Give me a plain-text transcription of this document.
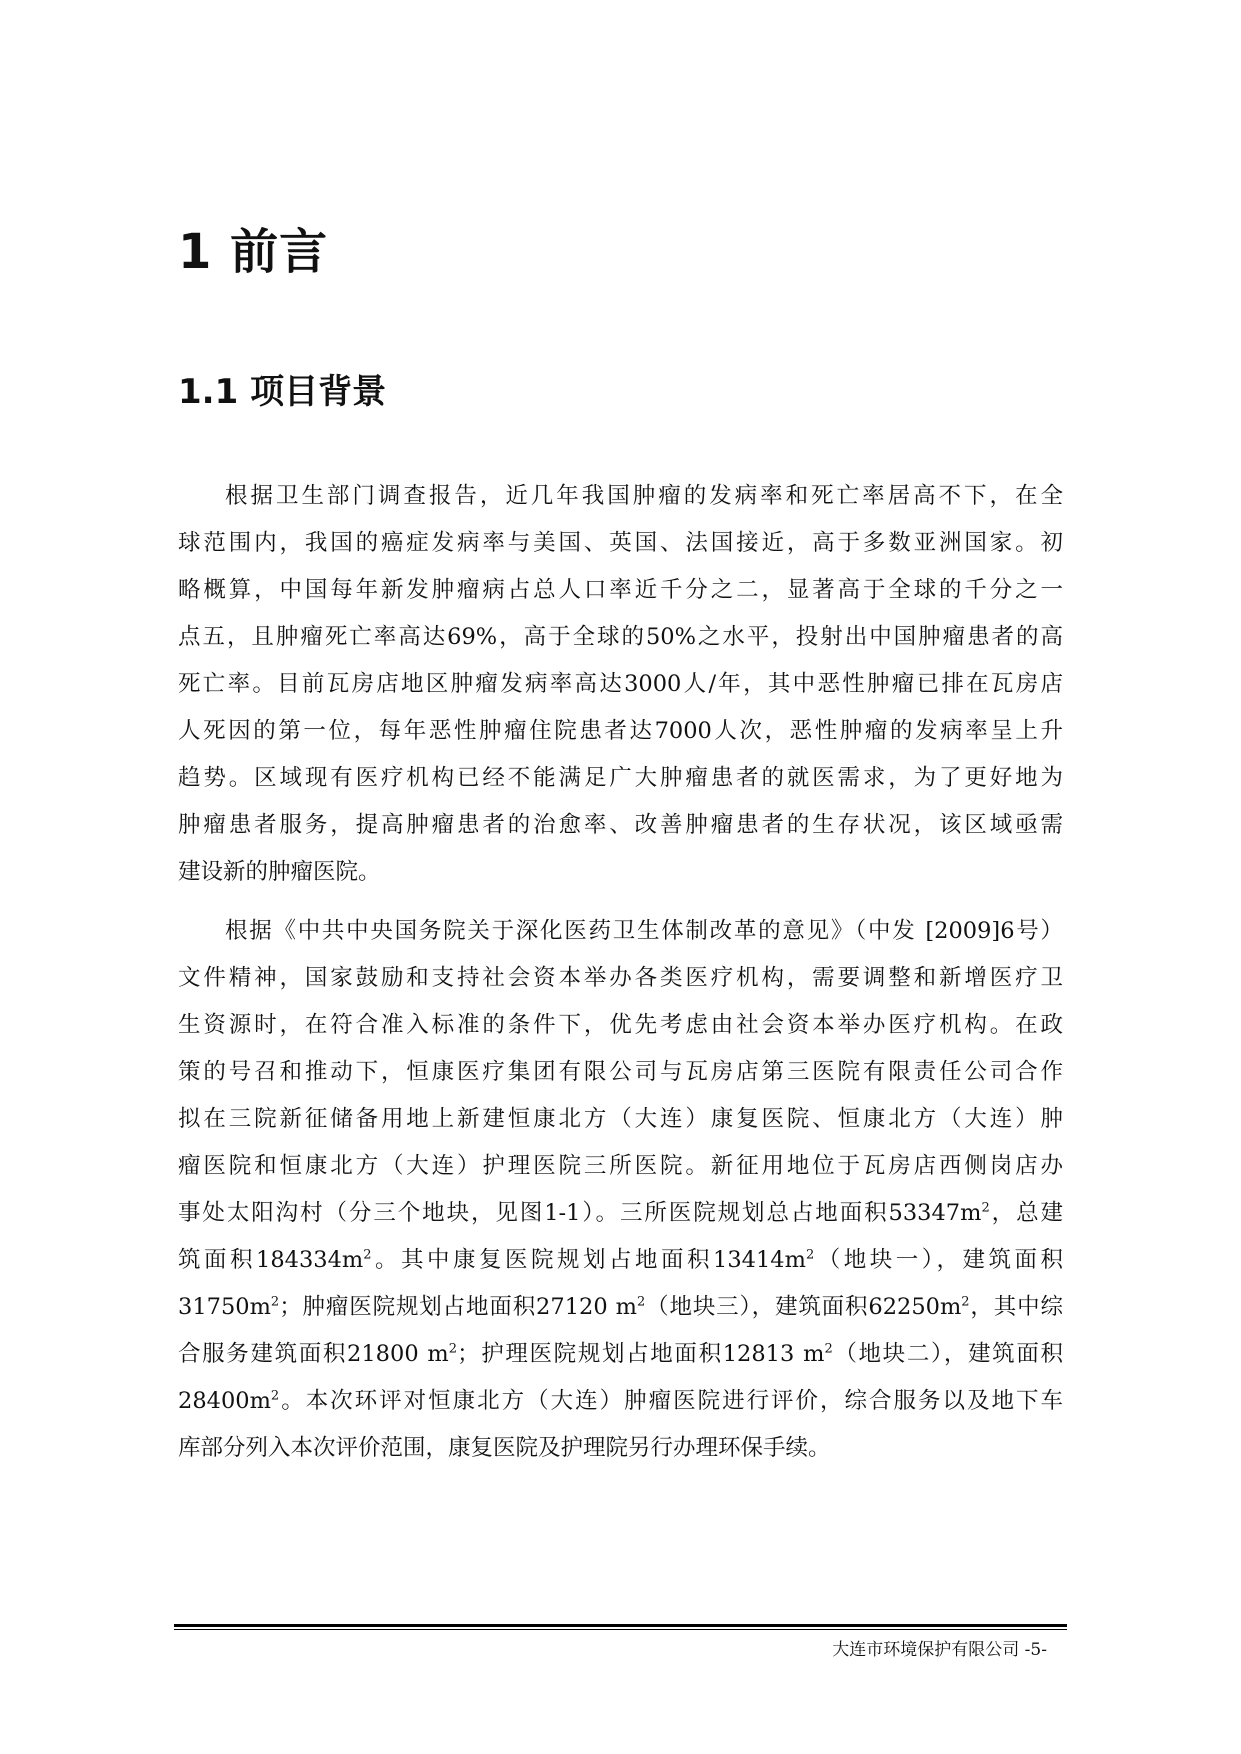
1 前言
1.1 项目背景
根据卫生部门调查报告，近几年我国肿瘤的发病率和死亡率居高不下，在全
球范围内，我国的癌症发病率与美国、英国、法国接近，高于多数亚洲国家。初
略概算，中国每年新发肿瘤病占总人口率近千分之二，显著高于全球的千分之一
点五，且肿瘤死亡率高达69%，高于全球的50%之水平，投射出中国肿瘤患者的高
死亡率。目前瓦房店地区肿瘤发病率高达3000人/年，其中恶性肿瘤已排在瓦房店
人死因的第一位，每年恶性肿瘤住院患者达7000人次，恶性肿瘤的发病率呈上升
趋势。区域现有医疗机构已经不能满足广大肿瘤患者的就医需求，为了更好地为
肿瘤患者服务，提高肿瘤患者的治愈率、改善肿瘤患者的生存状况，该区域亟需
建设新的肿瘤医院。
根据《中共中央国务院关于深化医药卫生体制改革的意见》（中发 [2009]6号）
文件精神，国家鼓励和支持社会资本举办各类医疗机构，需要调整和新增医疗卫
生资源时，在符合准入标准的条件下，优先考虑由社会资本举办医疗机构。在政
策的号召和推动下，恒康医疗集团有限公司与瓦房店第三医院有限责任公司合作
拟在三院新征储备用地上新建恒康北方（大连）康复医院、恒康北方（大连）肿
瘤医院和恒康北方（大连）护理医院三所医院。新征用地位于瓦房店西侧岗店办
事处太阳沟村（分三个地块，见图1-1）。三所医院规划总占地面积$53347m^2$，总建
筑面积$184334m^2$。其中康复医院规划占地面积$13414m^2$（地块一），建筑面积
$31750m^2$；肿瘤医院规划占地面积27120 $m^2$（地块三），建筑面积$62250m^2$，其中综
合服务建筑面积21800 $m^2$；护理医院规划占地面积12813 $m^2$（地块二），建筑面积
$28400m^2$。本次环评对恒康北方（大连）肿瘤医院进行评价，综合服务以及地下车
库部分列入本次评价范围，康复医院及护理院另行办理环保手续。
大连市环境保护有限公司 -5-
